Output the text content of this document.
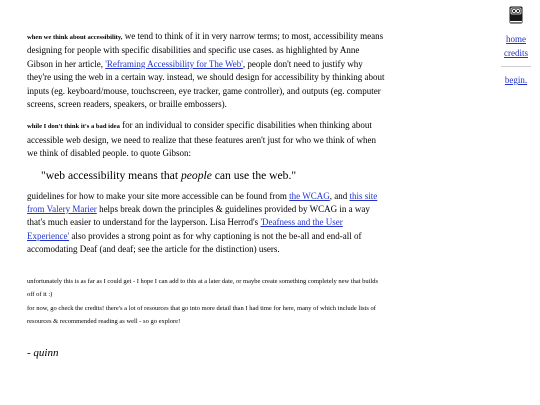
when we think about accessibility, we tend to think of it in very narrow terms; to most, accessibility means designing for people with specific disabilities and specific use cases. as highlighted by Anne Gibson in her article, 'Reframing Accessibility for The Web', people don't need to justify why they're using the web in a certain way. instead, we should design for accessibility by thinking about inputs (eg. keyboard/mouse, touchscreen, eye tracker, game controller), and outputs (eg. computer screens, screen readers, speakers, or braille embossers).

while I don't think it's a bad idea for an individual to consider specific disabilities when thinking about accessible web design, we need to realize that these features aren't just for who we think of when we think of disabled people. to quote Gibson:

"web accessibility means that people can use the web."

guidelines for how to make your site more accessible can be found from the WCAG, and this site from Valery Marier helps break down the principles & guidelines provided by WCAG in a way that's much easier to understand for the layperson. Lisa Herrod's 'Deafness and the User Experience' also provides a strong point as for why captioning is not the be-all and end-all of accomodating Deaf (and deaf; see the article for the distinction) users.

unfortunately this is as far as I could get - I hope I can add to this at a later date, or maybe create something completely new that builds off of it :)

for now, go check the credits! there's a lot of resources that go into more detail than I had time for here, many of which include lists of resources & recommended reading as well - so go explore!

- quinn
home
credits
begin.
